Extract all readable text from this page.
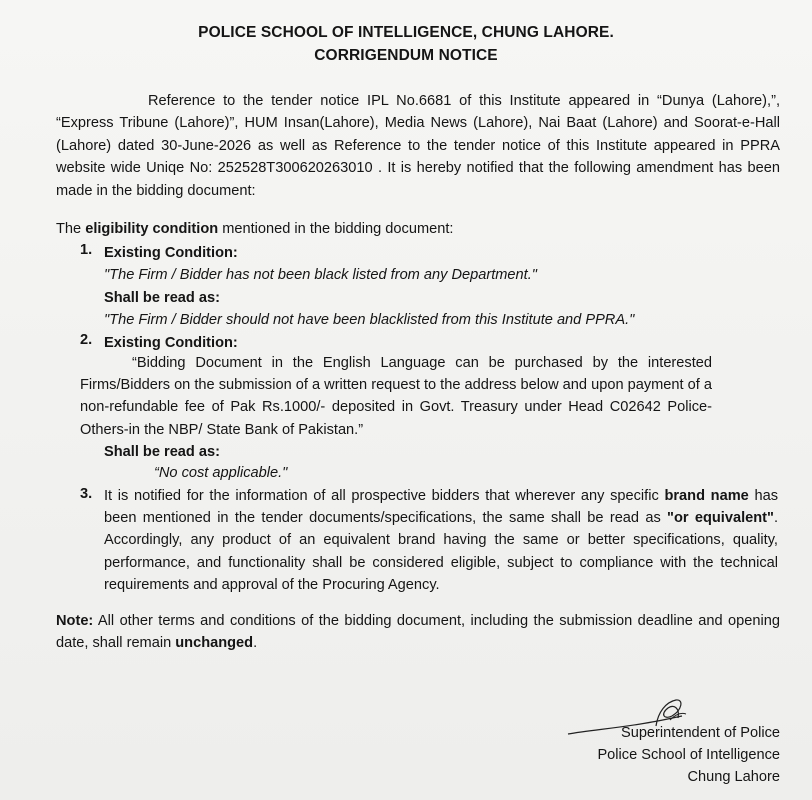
POLICE SCHOOL OF INTELLIGENCE, CHUNG LAHORE.
CORRIGENDUM NOTICE
Reference to the tender notice IPL No.6681 of this Institute appeared in “Dunya (Lahore),”, “Express Tribune (Lahore)”, HUM Insan(Lahore), Media News (Lahore), Nai Baat (Lahore) and Soorat-e-Hall (Lahore) dated 30-June-2026 as well as Reference to the tender notice of this Institute appeared in PPRA website wide Uniqe No: 252528T300620263010 . It is hereby notified that the following amendment has been made in the bidding document:
The eligibility condition mentioned in the bidding document:
1. Existing Condition:
"The Firm / Bidder has not been black listed from any Department."
Shall be read as:
"The Firm / Bidder should not have been blacklisted from this Institute and PPRA."
2. Existing Condition:
“Bidding Document in the English Language can be purchased by the interested Firms/Bidders on the submission of a written request to the address below and upon payment of a non-refundable fee of Pak Rs.1000/- deposited in Govt. Treasury under Head C02642 Police-Others-in the NBP/ State Bank of Pakistan.”
Shall be read as:
“No cost applicable."
3. It is notified for the information of all prospective bidders that wherever any specific brand name has been mentioned in the tender documents/specifications, the same shall be read as "or equivalent". Accordingly, any product of an equivalent brand having the same or better specifications, quality, performance, and functionality shall be considered eligible, subject to compliance with the technical requirements and approval of the Procuring Agency.
Note: All other terms and conditions of the bidding document, including the submission deadline and opening date, shall remain unchanged.
Superintendent of Police
Police School of Intelligence
Chung Lahore
